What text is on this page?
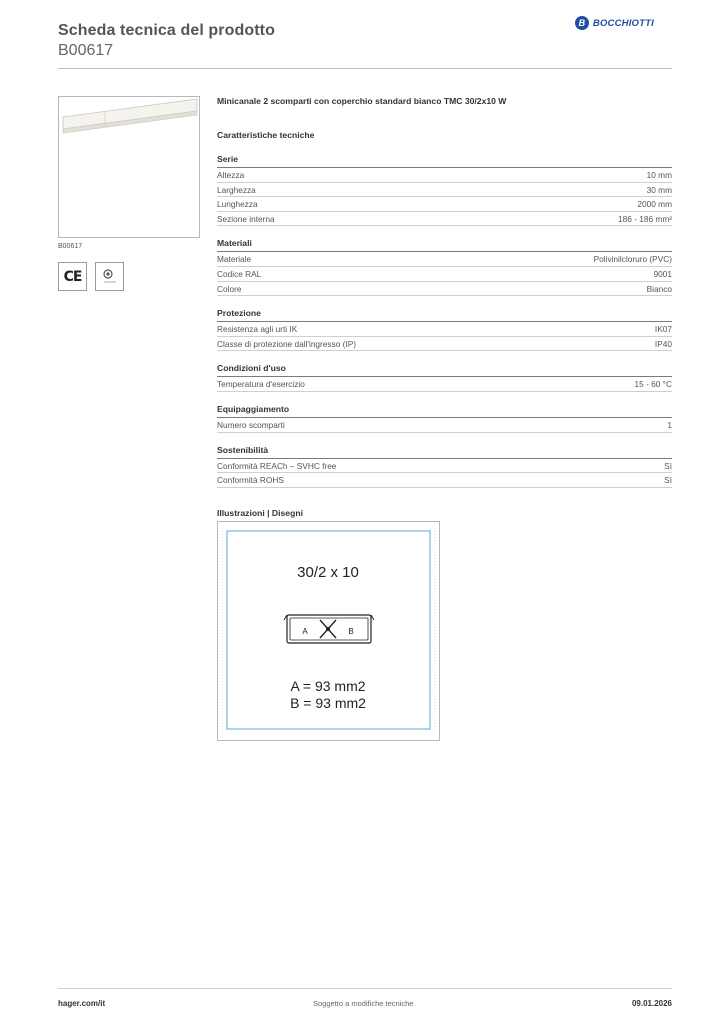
Scheda tecnica del prodotto
B00617
B BOCCHIOTTI
B00617
CE
Minicanale 2 scomparti con coperchio standard bianco TMC 30/2x10 W
Caratteristiche tecniche
Serie
Altezza	10 mm
Larghezza	30 mm
Lunghezza	2000 mm
Sezione interna	186 - 186 mm²
Materiali
Materiale	Polivinilcloruro (PVC)
Codice RAL	9001
Colore	Bianco
Protezione
Resistenza agli urti IK	IK07
Classe di protezione dall'ingresso (IP)	IP40
Condizioni d'uso
Temperatura d'esercizio	15 - 60 °C
Equipaggiamento
Numero scomparti	1
Sostenibilità
Conformità REACh – SVHC free	Sì
Conformità ROHS	Sì
Illustrazioni | Disegni
30/2 x 10
A	B
A = 93 mm2
B = 93 mm2
hager.com/it	Soggetto a modifiche tecniche	09.01.2026
